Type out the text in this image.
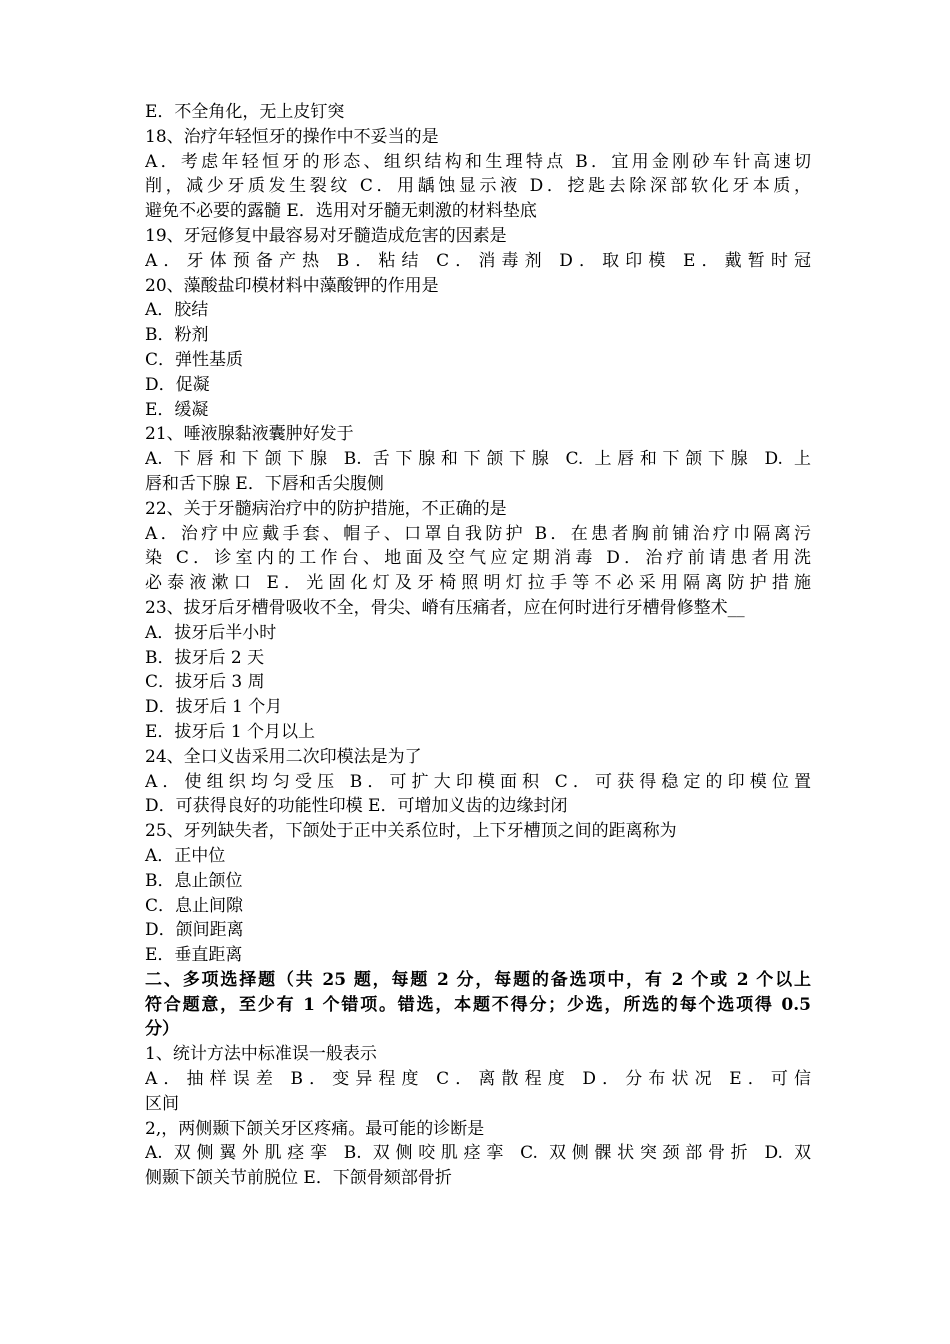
E．不全角化，无上皮钉突
18、治疗年轻恒牙的操作中不妥当的是
A．考虑年轻恒牙的形态、组织结构和生理特点 B．宜用金刚砂车针高速切
削，减少牙质发生裂纹 C．用龋蚀显示液 D．挖匙去除深部软化牙本质，
避免不必要的露髓 E．选用对牙髓无刺激的材料垫底
19、牙冠修复中最容易对牙髓造成危害的因素是
A．牙体预备产热 B．粘结 C．消毒剂 D．取印模 E．戴暂时冠
20、藻酸盐印模材料中藻酸钾的作用是
A．胶结
B．粉剂
C．弹性基质
D．促凝
E．缓凝
21、唾液腺黏液囊肿好发于
A. 下唇和下颌下腺 B. 舌下腺和下颌下腺 C. 上唇和下颌下腺 D. 上
唇和舌下腺 E．下唇和舌尖腹侧
22、关于牙髓病治疗中的防护措施，不正确的是
A．治疗中应戴手套、帽子、口罩自我防护 B．在患者胸前铺治疗巾隔离污
染 C．诊室内的工作台、地面及空气应定期消毒 D．治疗前请患者用洗
必泰液漱口 E．光固化灯及牙椅照明灯拉手等不必采用隔离防护措施
23、拔牙后牙槽骨吸收不全，骨尖、嵴有压痛者，应在何时进行牙槽骨修整术__
A．拔牙后半小时
B．拔牙后 2 天
C．拔牙后 3 周
D．拔牙后 1 个月
E．拔牙后 1 个月以上
24、全口义齿采用二次印模法是为了
A．使组织均匀受压 B．可扩大印模面积 C．可获得稳定的印模位置
D．可获得良好的功能性印模 E．可增加义齿的边缘封闭
25、牙列缺失者，下颌处于正中关系位时，上下牙槽顶之间的距离称为
A．正中位
B．息止颌位
C．息止间隙
D．颌间距离
E．垂直距离
二、多项选择题（共 25 题，每题 2 分，每题的备选项中，有 2 个或 2 个以上
符合题意，至少有 1 个错项。错选，本题不得分；少选，所选的每个选项得 0.5
分）
1、统计方法中标准误一般表示
A．抽样误差 B．变异程度 C．离散程度 D．分布状况 E．可信
区间
2,，两侧颞下颌关牙区疼痛。最可能的诊断是
A. 双侧翼外肌痉挛 B. 双侧咬肌痉挛 C. 双侧髁状突颈部骨折 D. 双
侧颞下颌关节前脱位 E．下颌骨颏部骨折
